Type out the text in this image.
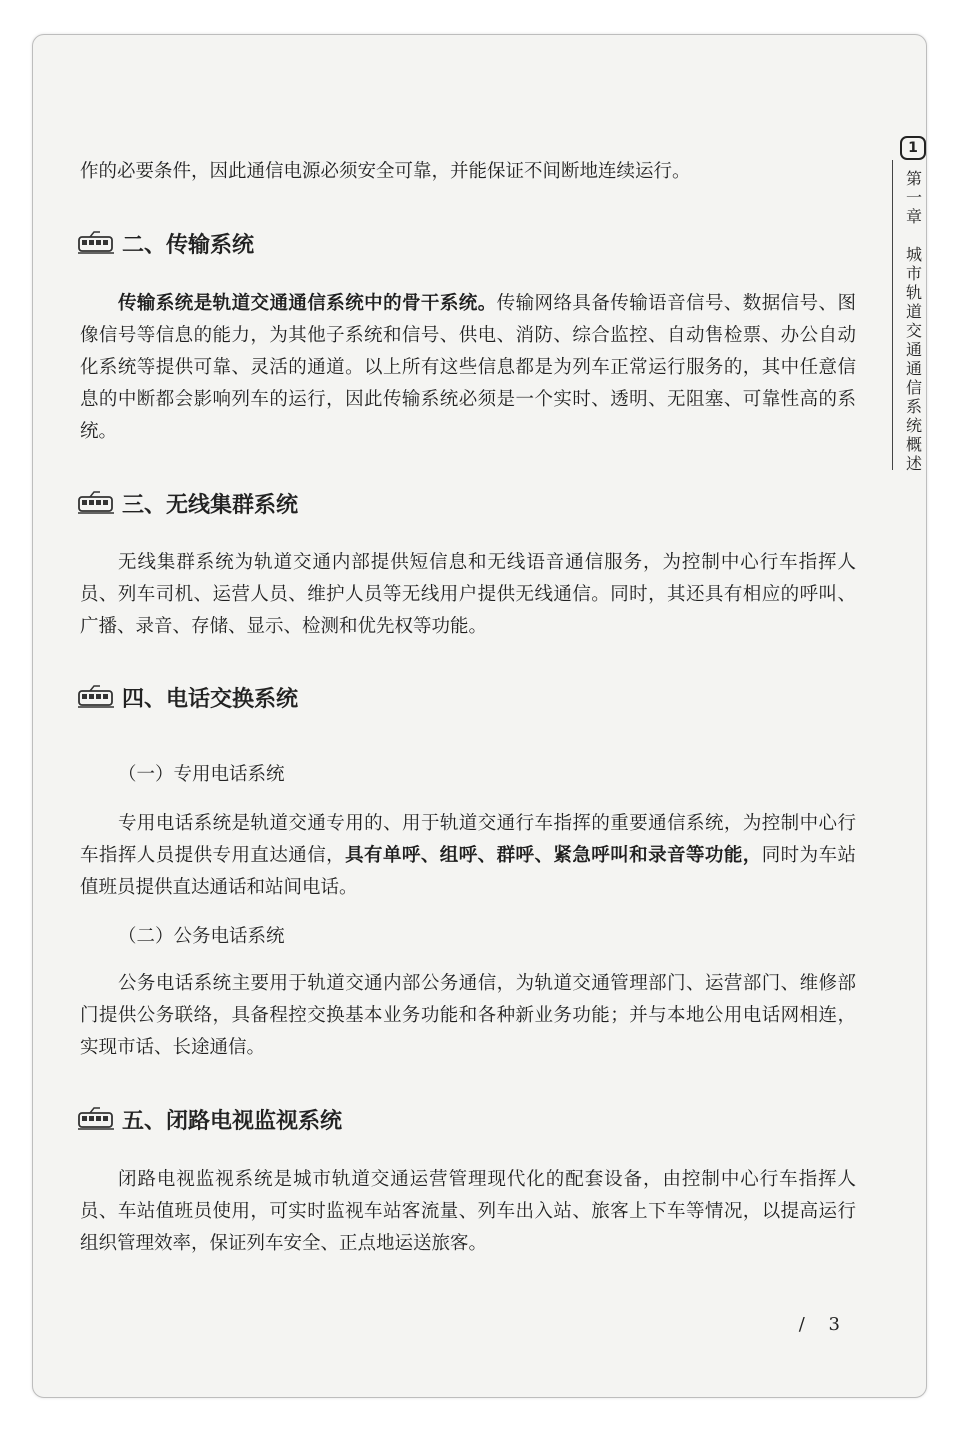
作的必要条件，因此通信电源必须安全可靠，并能保证不间断地连续运行。

二、传输系统

传输系统是轨道交通通信系统中的骨干系统。传输网络具备传输语音信号、数据信号、图像信号等信息的能力，为其他子系统和信号、供电、消防、综合监控、自动售检票、办公自动化系统等提供可靠、灵活的通道。以上所有这些信息都是为列车正常运行服务的，其中任意信息的中断都会影响列车的运行，因此传输系统必须是一个实时、透明、无阻塞、可靠性高的系统。

三、无线集群系统

无线集群系统为轨道交通内部提供短信息和无线语音通信服务，为控制中心行车指挥人员、列车司机、运营人员、维护人员等无线用户提供无线通信。同时，其还具有相应的呼叫、广播、录音、存储、显示、检测和优先权等功能。

四、电话交换系统
（一）专用电话系统

专用电话系统是轨道交通专用的、用于轨道交通行车指挥的重要通信系统，为控制中心行车指挥人员提供专用直达通信，具有单呼、组呼、群呼、紧急呼叫和录音等功能，同时为车站值班员提供直达通话和站间电话。

（二）公务电话系统

公务电话系统主要用于轨道交通内部公务通信，为轨道交通管理部门、运营部门、维修部门提供公务联络，具备程控交换基本业务功能和各种新业务功能；并与本地公用电话网相连，实现市话、长途通信。

五、闭路电视监视系统

闭路电视监视系统是城市轨道交通运营管理现代化的配套设备，由控制中心行车指挥人员、车站值班员使用，可实时监视车站客流量、列车出入站、旅客上下车等情况，以提高运行组织管理效率，保证列车安全、正点地运送旅客。

1
第一章　城市轨道交通通信系统概述
/ 3
